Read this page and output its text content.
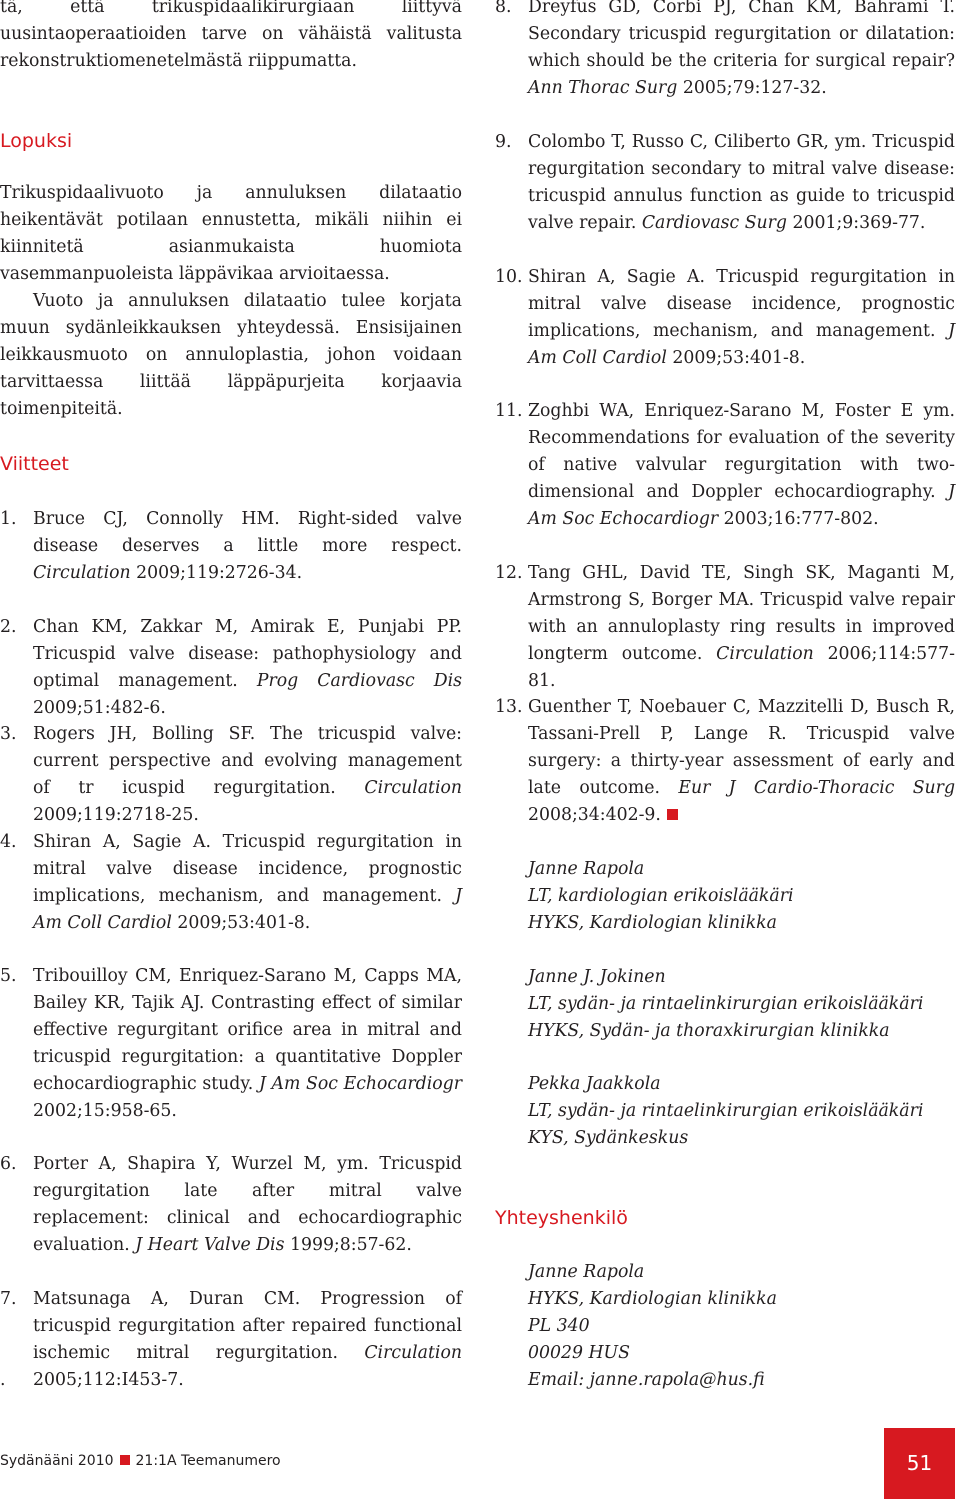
tä, että trikuspidaalikirurgiaan liittyvä uusintaoperaatioiden tarve on vähäistä valitusta rekonstruktiomenetelmästä riippumatta.

Lopuksi

Trikuspidaalivuoto ja annuluksen dilataatio heikentävät potilaan ennustetta, mikäli niihin ei kiinnitetä asianmukaista huomiota vasemmanpuoleista läppävikaa arvioitaessa.

Vuoto ja annuluksen dilataatio tulee korjata muun sydänleikkauksen yhteydessä. Ensisijainen leikkausmuoto on annuloplastia, johon voidaan tarvittaessa liittää läppäpurjeita korjaavia toimenpiteitä.

Viitteet
1. Bruce CJ, Connolly HM. Right-sided valve disease deserves a little more respect. Circulation 2009;119:2726-34.
2. Chan KM, Zakkar M, Amirak E, Punjabi PP. Tricuspid valve disease: pathophysiology and optimal management. Prog Cardiovasc Dis 2009;51:482-6.
3. Rogers JH, Bolling SF. The tricuspid valve: current perspective and evolving management of tr icuspid regurgitation. Circulation 2009;119:2718-25.
4. Shiran A, Sagie A. Tricuspid regurgitation in mitral valve disease incidence, prognostic implications, mechanism, and management. J Am Coll Cardiol 2009;53:401-8.
5. Tribouilloy CM, Enriquez-Sarano M, Capps MA, Bailey KR, Tajik AJ. Contrasting effect of similar effective regurgitant orifice area in mitral and tricuspid regurgitation: a quantitative Doppler echocardiographic study. J Am Soc Echocardiogr 2002;15:958-65.
6. Porter A, Shapira Y, Wurzel M, ym. Tricuspid regurgitation late after mitral valve replacement: clinical and echocardiographic evaluation. J Heart Valve Dis 1999;8:57-62.
7. Matsunaga A, Duran CM. Progression of tricuspid regurgitation after repaired functional ischemic mitral regurgitation. Circulation 2005;112:I453-7.
.
8. Dreyfus GD, Corbi PJ, Chan KM, Bahrami T. Secondary tricuspid regurgitation or dilatation: which should be the criteria for surgical repair? Ann Thorac Surg 2005;79:127-32.
9. Colombo T, Russo C, Ciliberto GR, ym. Tricuspid regurgitation secondary to mitral valve disease: tricuspid annulus function as guide to tricuspid valve repair. Cardiovasc Surg 2001;9:369-77.
10. Shiran A, Sagie A. Tricuspid regurgitation in mitral valve disease incidence, prognostic implications, mechanism, and management. J Am Coll Cardiol 2009;53:401-8.
11. Zoghbi WA, Enriquez-Sarano M, Foster E ym. Recommendations for evaluation of the severity of native valvular regurgitation with two-dimensional and Doppler echocardiography. J Am Soc Echocardiogr 2003;16:777-802.
12. Tang GHL, David TE, Singh SK, Maganti M, Armstrong S, Borger MA. Tricuspid valve repair with an annuloplasty ring results in improved longterm outcome. Circulation 2006;114:577-81.
13. Guenther T, Noebauer C, Mazzitelli D, Busch R, Tassani-Prell P, Lange R. Tricuspid valve surgery: a thirty-year assessment of early and late outcome. Eur J Cardio-Thoracic Surg 2008;34:402-9.
Janne Rapola
LT, kardiologian erikoislääkäri
HYKS, Kardiologian klinikka
Janne J. Jokinen
LT, sydän- ja rintaelinkirurgian erikoislääkäri
HYKS, Sydän- ja thoraxkirurgian klinikka
Pekka Jaakkola
LT, sydän- ja rintaelinkirurgian erikoislääkäri
KYS, Sydänkeskus
Yhteyshenkilö
Janne Rapola
HYKS, Kardiologian klinikka
PL 340
00029 HUS
Email: janne.rapola@hus.fi
Sydänääni 2010 21:1A Teemanumero	51
